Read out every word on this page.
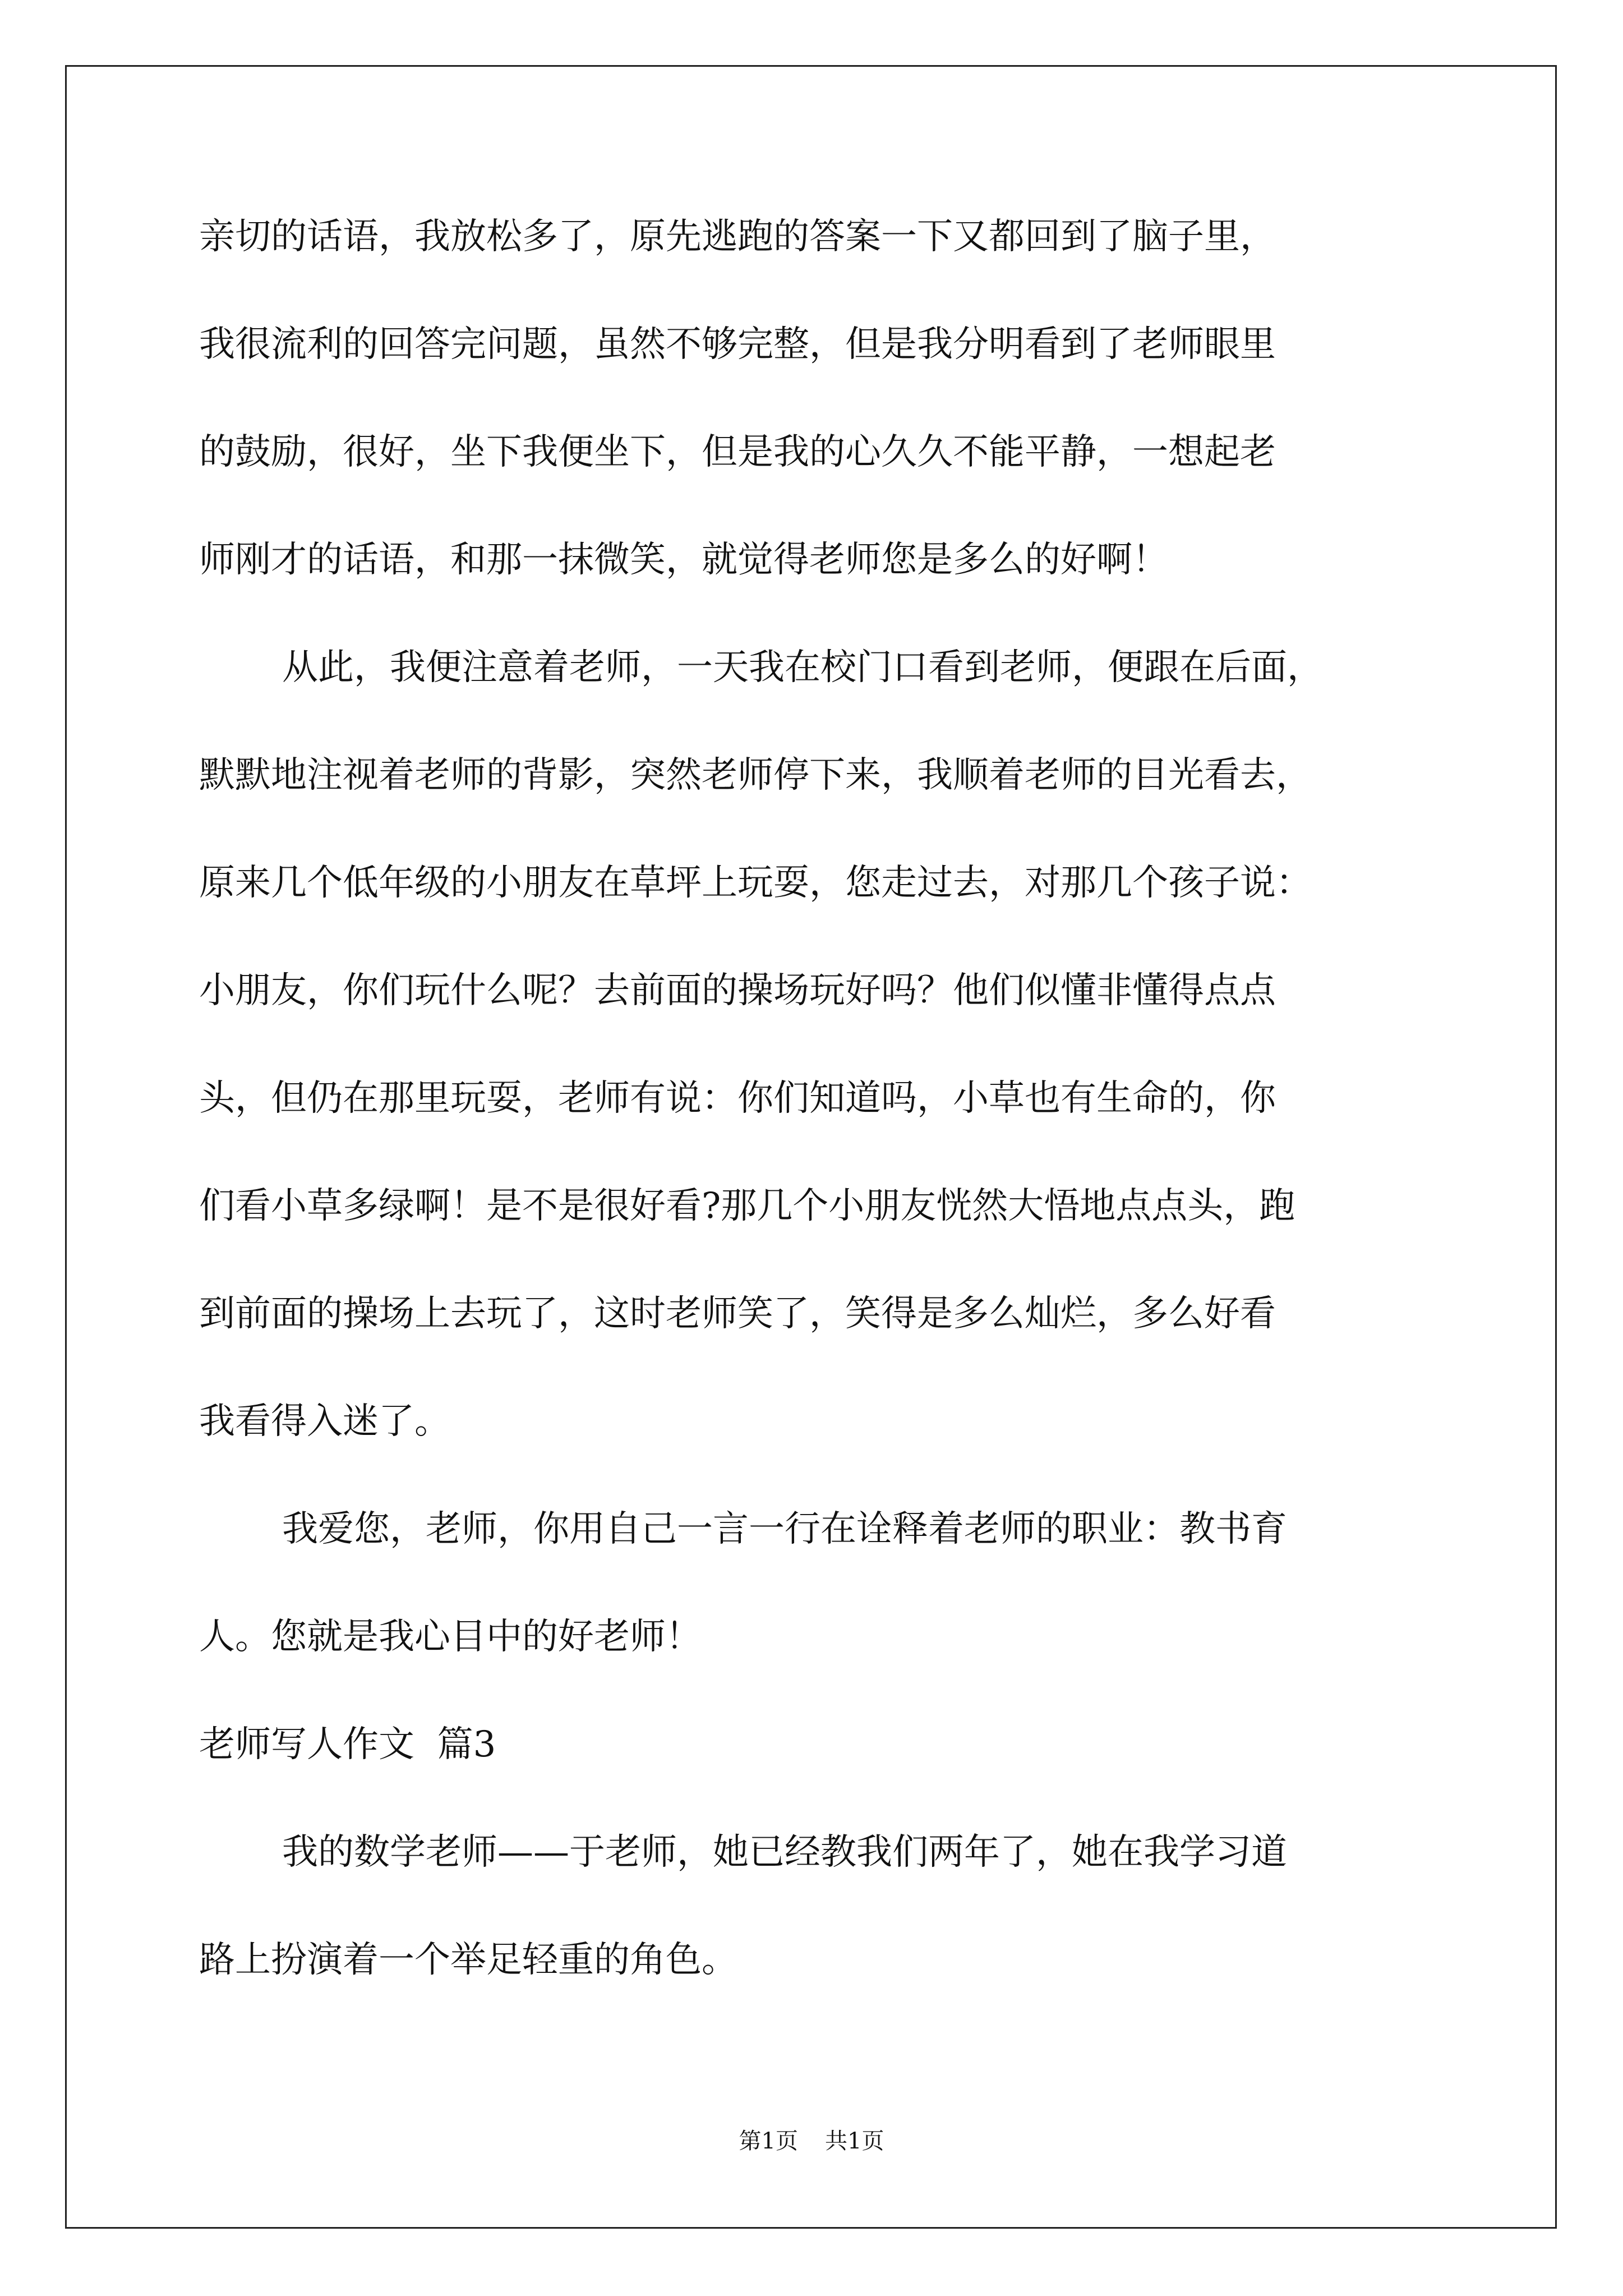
亲切的话语，我放松多了，原先逃跑的答案一下又都回到了脑子里，
我很流利的回答完问题，虽然不够完整，但是我分明看到了老师眼里
的鼓励，很好，坐下我便坐下，但是我的心久久不能平静，一想起老
师刚才的话语，和那一抹微笑，就觉得老师您是多么的好啊！
从此，我便注意着老师，一天我在校门口看到老师，便跟在后面，
默默地注视着老师的背影，突然老师停下来，我顺着老师的目光看去，
原来几个低年级的小朋友在草坪上玩耍，您走过去，对那几个孩子说：
小朋友，你们玩什么呢？去前面的操场玩好吗？他们似懂非懂得点点
头，但仍在那里玩耍，老师有说：你们知道吗，小草也有生命的，你
们看小草多绿啊！是不是很好看?那几个小朋友恍然大悟地点点头，跑
到前面的操场上去玩了，这时老师笑了，笑得是多么灿烂，多么好看
我看得入迷了。
我爱您，老师，你用自己一言一行在诠释着老师的职业：教书育
人。您就是我心目中的好老师！
老师写人作文  篇3
我的数学老师——于老师，她已经教我们两年了，她在我学习道
路上扮演着一个举足轻重的角色。
第1页 共1页
